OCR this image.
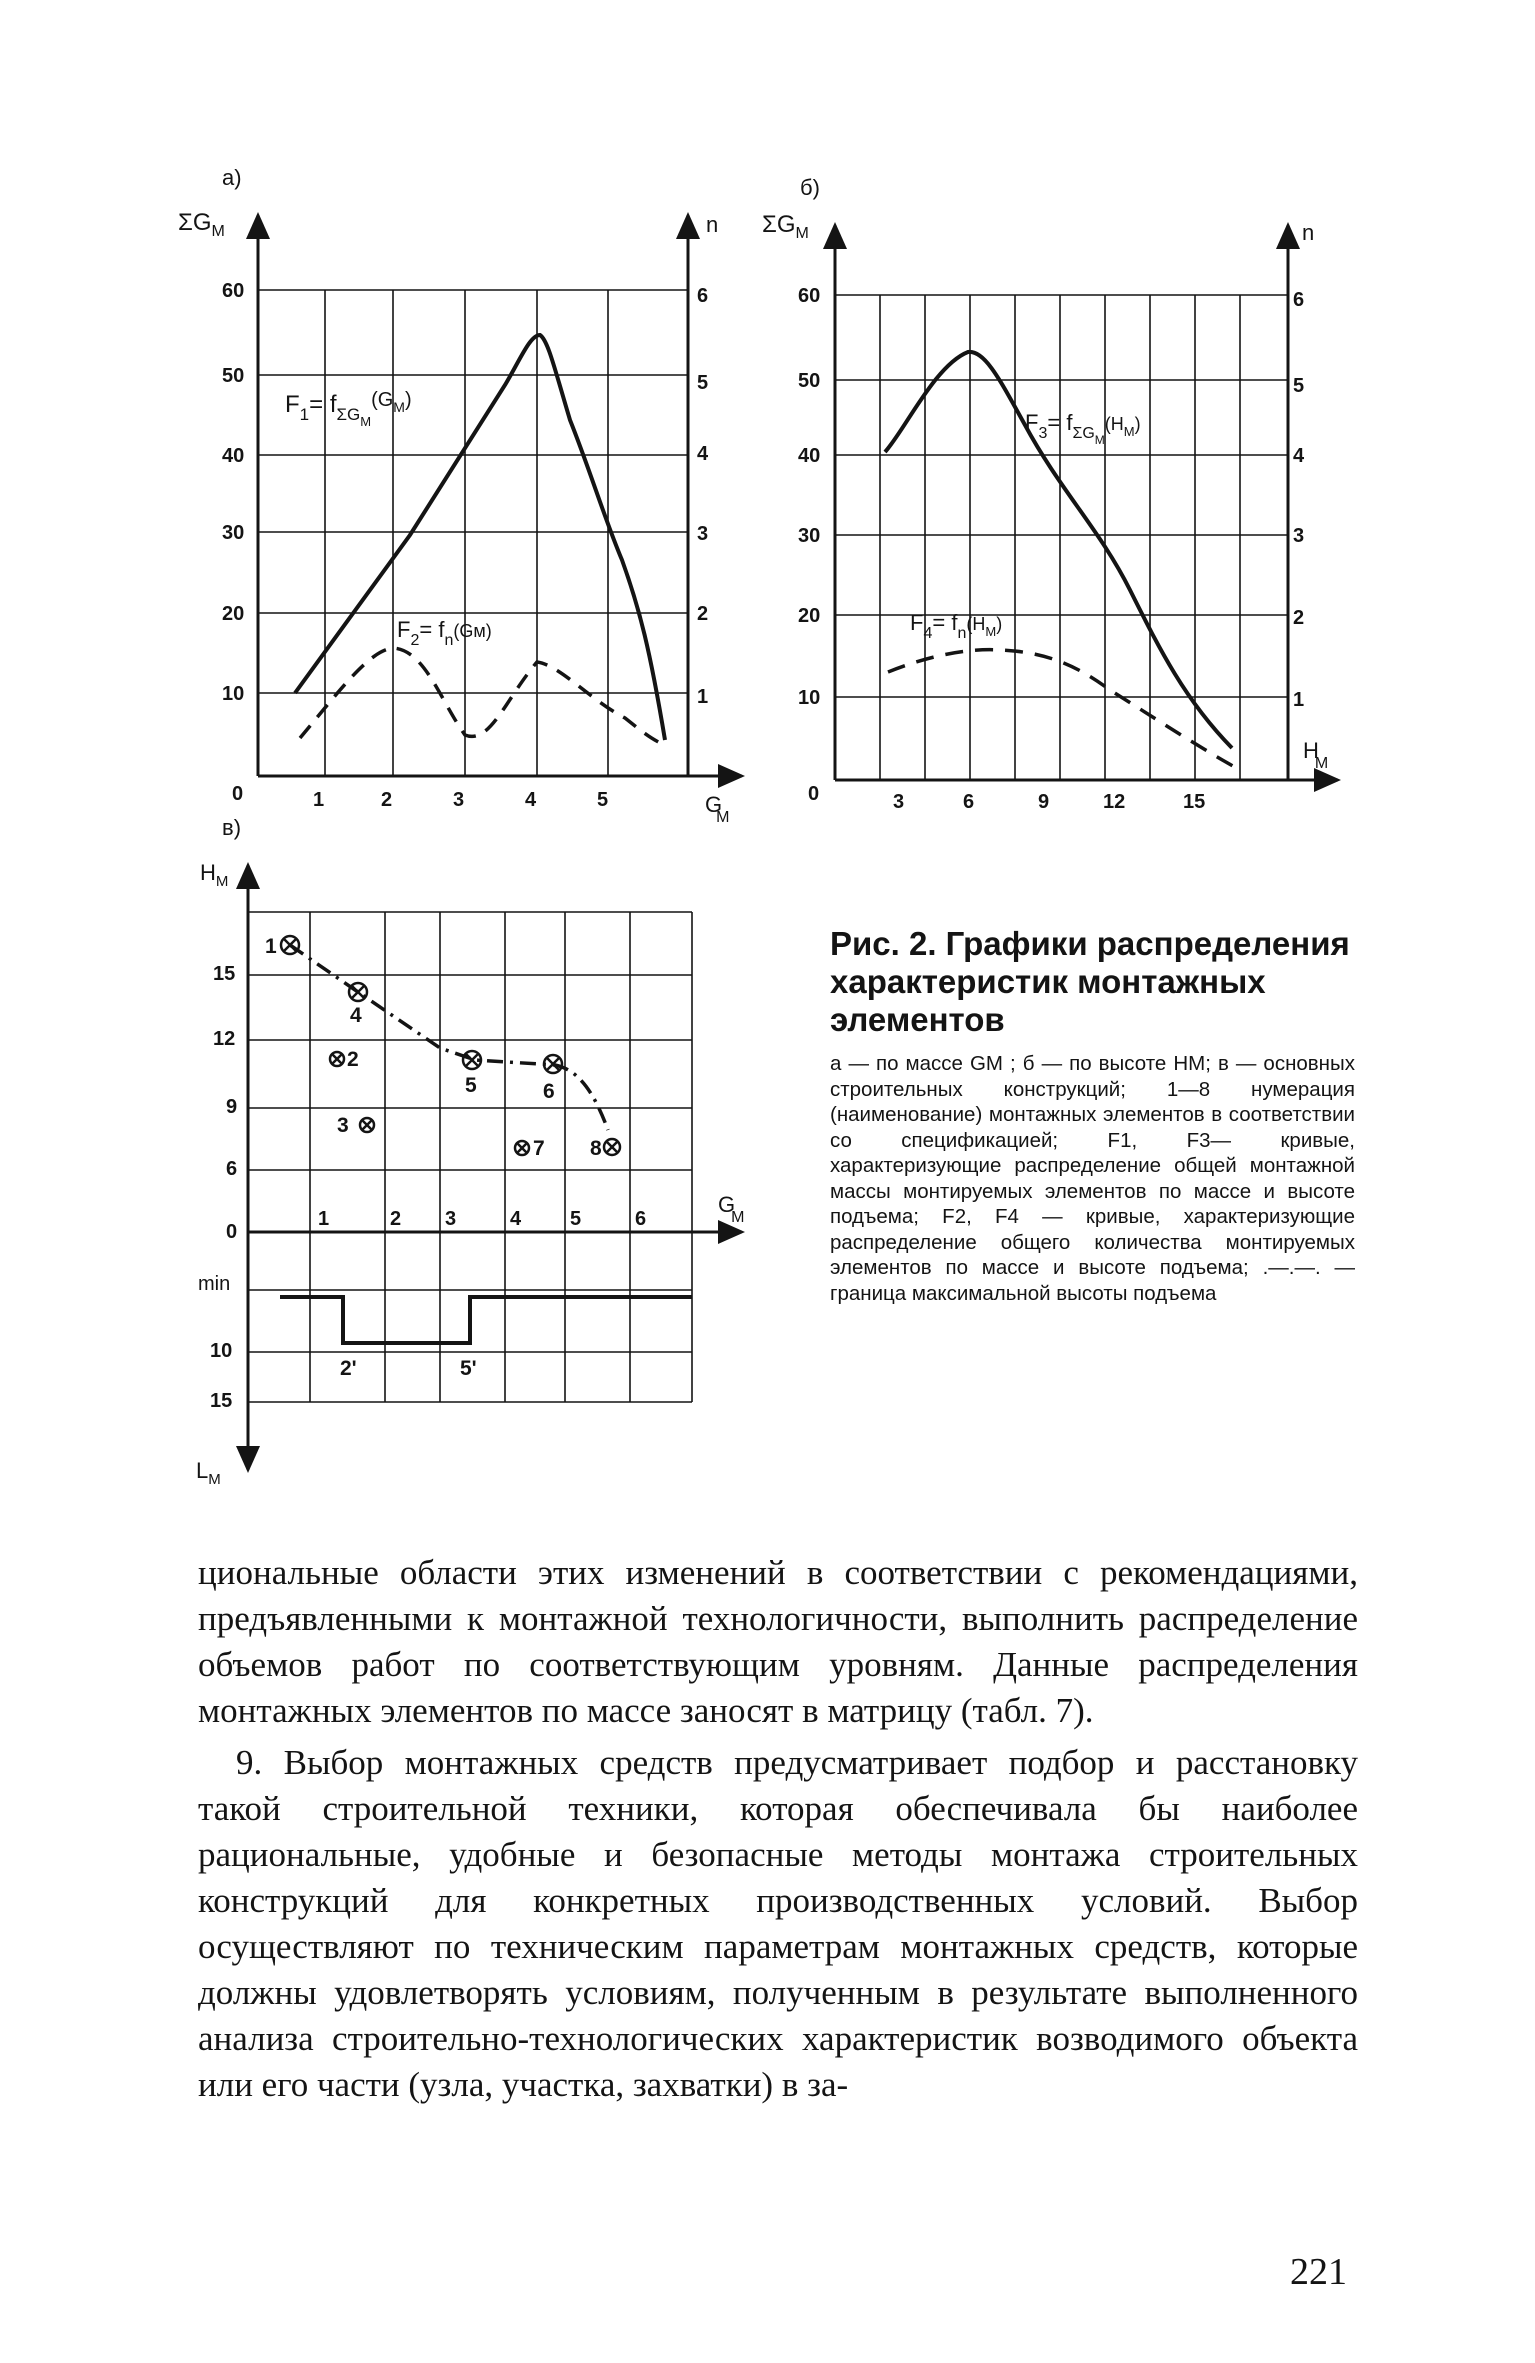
а)
$\Sigma G_М$	n
60
50
40
30
20
10
0
6
5
4
3
2
1
1	2	3	4	5	G М
$F_1= f_{\Sigma GМ}^{(G}_М^)$
$F_2= f_n^{(Gм)}$
б)
$\Sigma G_М$	n
60
50
40
30
20
10
0
6
5
4
3
2
1
3	6	9	12	15
H М
$F_3= f_{\Sigma GМ}^{(H}_М^)$
$F_4= f_n^{(H}_М^)$
в)
$H_М$
$L_М$
G М
15
12
9
6
0
min
10
15
1	2 3	4 5	6
1
4
2
5	6
3
7 8
2'	5'

Рис. 2. Графики распределения характеристик монтажных элементов

а — по массе GМ ; б — по высоте HМ; в — основных строительных конструкций; 1—8 нумерация (наименование) монтажных элементов в соответствии со спецификацией; F1, F3— кривые, характеризующие распределение общей монтажной массы монтируемых элементов по массе и высоте подъема; F2, F4 — кривые, характеризующие распределение общего количества монтируемых элементов по массе и высоте подъема; .—.—. — граница максимальной высоты подъема

циональные области этих изменений в соответствии с рекомендациями, предъявленными к монтажной технологичности, выполнить распределение объемов работ по соответствующим уровням. Данные распределения монтажных элементов по массе заносят в матрицу (табл. 7).

9. Выбор монтажных средств предусматривает подбор и расстановку такой строительной техники, которая обеспечивала бы наиболее рациональные, удобные и безопасные методы монтажа строительных конструкций для конкретных производственных условий. Выбор осуществляют по техническим параметрам монтажных средств, которые должны удовлетворять условиям, полученным в результате выполненного анализа строительно-технологических характеристик возводимого объекта или его части (узла, участка, захватки) в за-

221
